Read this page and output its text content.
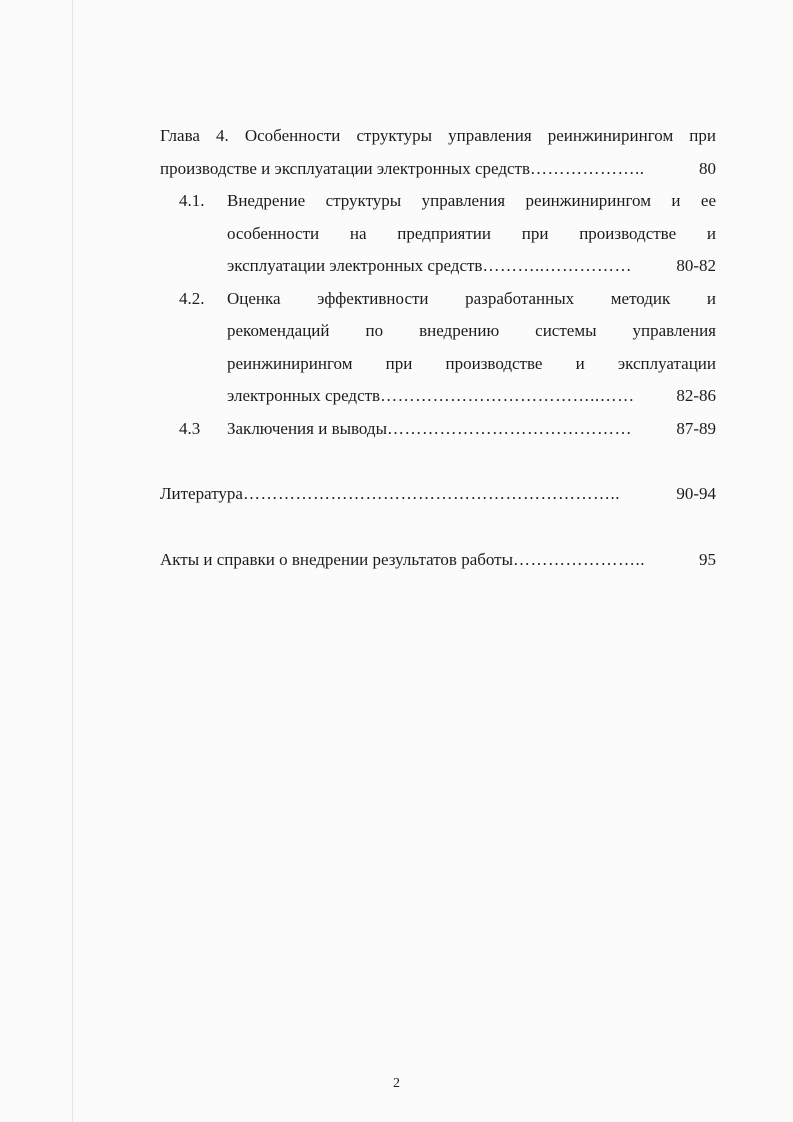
Глава 4. Особенности структуры управления реинжинирингом при
производстве и эксплуатации электронных средств ………………..	80
4.1.	Внедрение структуры управления реинжинирингом и ее
особенности на предприятии при производстве и
эксплуатации электронных средств ………..……………	80-82
4.2.	Оценка эффективности разработанных методик и
рекомендаций по внедрению системы управления
реинжинирингом при производстве и эксплуатации
электронных средств ………………………………..……	82-86
4.3	Заключения и выводы ……………………………………	87-89
Литература ………………………………………………………..	90-94
Акты и справки о внедрении результатов работы …………………..	95
2
